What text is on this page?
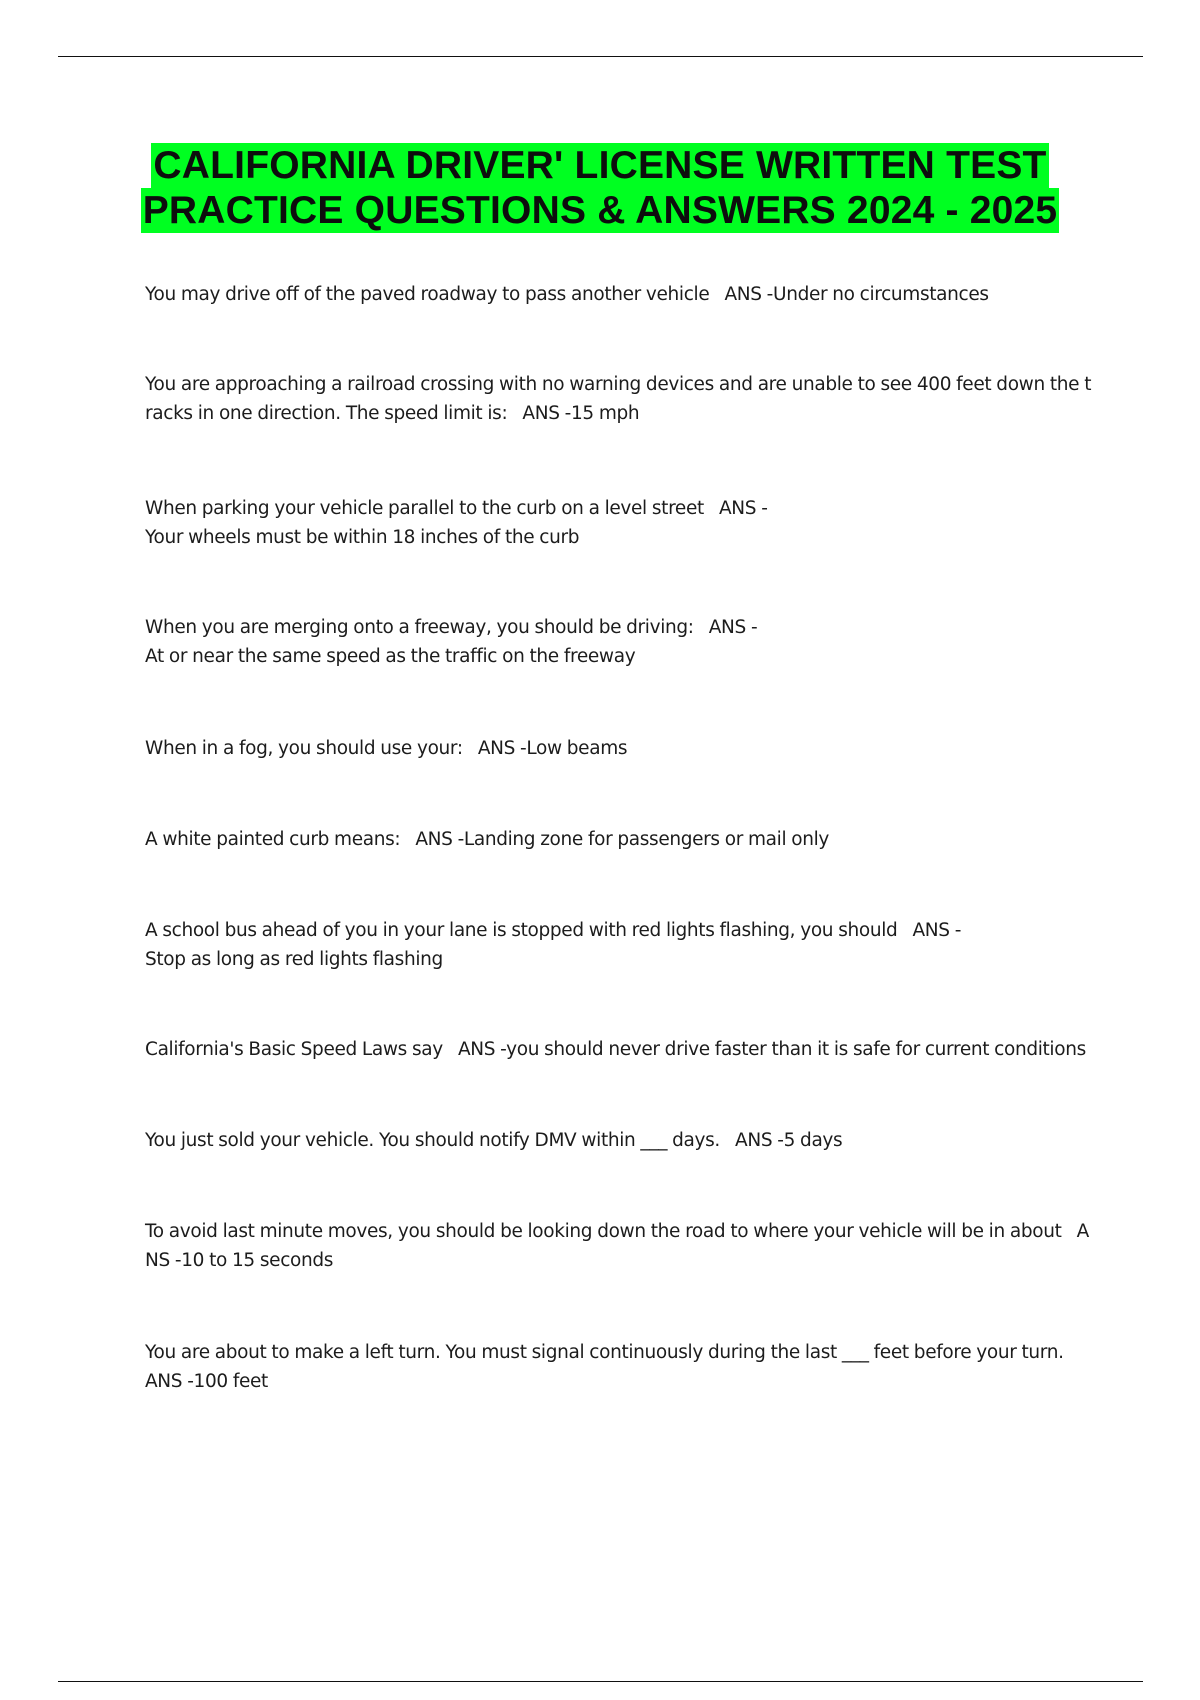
CALIFORNIA DRIVER' LICENSE WRITTEN TEST
PRACTICE QUESTIONS & ANSWERS 2024 - 2025
You may drive off of the paved roadway to pass another vehicle   ANS -Under no circumstances
You are approaching a railroad crossing with no warning devices and are unable to see 400 feet down the t
racks in one direction. The speed limit is:   ANS -15 mph
When parking your vehicle parallel to the curb on a level street   ANS -
Your wheels must be within 18 inches of the curb
When you are merging onto a freeway, you should be driving:   ANS -
At or near the same speed as the traffic on the freeway
When in a fog, you should use your:   ANS -Low beams
A white painted curb means:   ANS -Landing zone for passengers or mail only
A school bus ahead of you in your lane is stopped with red lights flashing, you should   ANS -
Stop as long as red lights flashing
California's Basic Speed Laws say   ANS -you should never drive faster than it is safe for current conditions
You just sold your vehicle. You should notify DMV within ___ days.   ANS -5 days
To avoid last minute moves, you should be looking down the road to where your vehicle will be in about   A
NS -10 to 15 seconds
You are about to make a left turn. You must signal continuously during the last ___ feet before your turn.
ANS -100 feet
